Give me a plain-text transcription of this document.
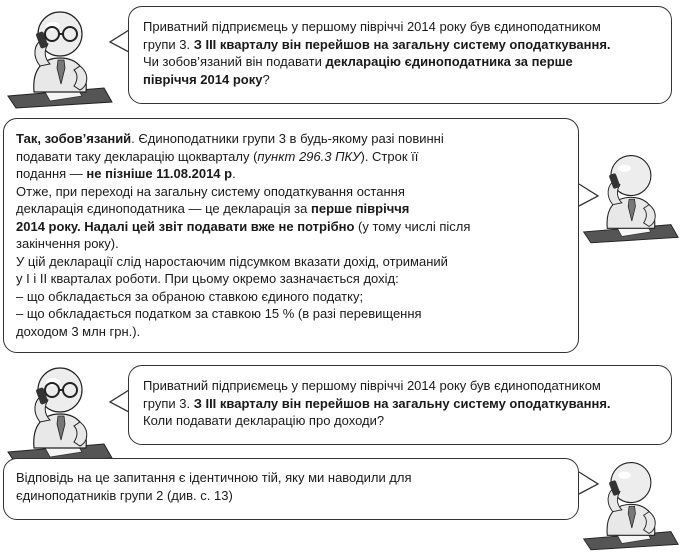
Приватний підприємець у першому півріччі 2014 року був єдиноподатником

групи 3. З ІІІ кварталу він перейшов на загальну систему оподаткування.

Чи зобов’язаний він подавати декларацію єдиноподатника за перше

півріччя 2014 року?

Так, зобов’язаний. Єдиноподатники групи 3 в будь-якому разі повинні

подавати таку декларацію щокварталу (пункт 296.3 ПКУ). Строк її

подання — не пізніше 11.08.2014 р.

Отже, при переході на загальну систему оподаткування остання

декларація єдиноподатника — це декларація за перше півріччя

2014 року. Надалі цей звіт подавати вже не потрібно (у тому числі після

закінчення року).

У цій декларації слід наростаючим підсумком вказати дохід, отриманий

у І і ІІ кварталах роботи. При цьому окремо зазначається дохід:

– що обкладається за обраною ставкою єдиного податку;

– що обкладається податком за ставкою 15 % (в разі перевищення

доходом 3 млн грн.).

Приватний підприємець у першому півріччі 2014 року був єдиноподатником

групи 3. З ІІІ кварталу він перейшов на загальну систему оподаткування.

Коли подавати декларацію про доходи?

Відповідь на це запитання є ідентичною тій, яку ми наводили для

єдиноподатників групи 2 (див. с. 13)
